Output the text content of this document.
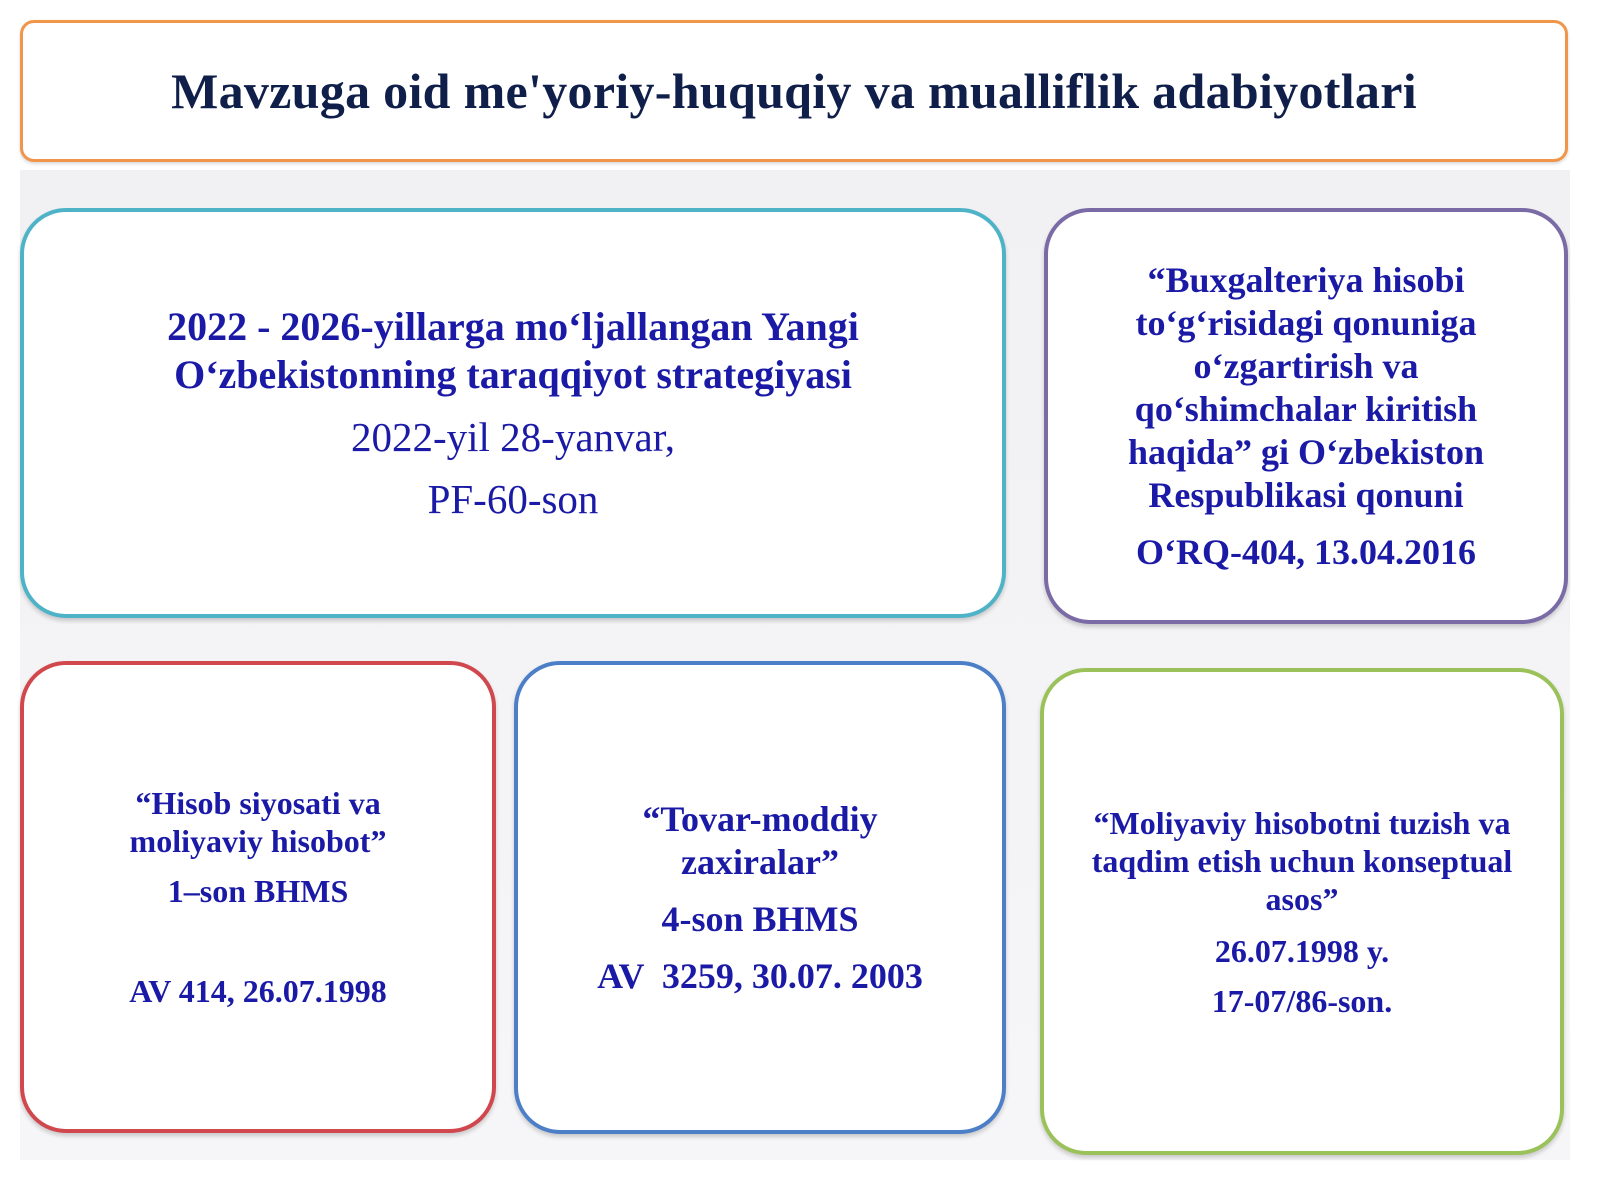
Mavzuga oid me'yoriy-huquqiy va mualliflik adabiyotlari

2022 - 2026-yillarga mo‘ljallangan Yangi O‘zbekistonning taraqqiyot strategiyasi

2022-yil 28-yanvar,

PF-60-son

“Buxgalteriya hisobi to‘g‘risidagi qonuniga o‘zgartirish va qo‘shimchalar kiritish haqida” gi O‘zbekiston Respublikasi qonuni

O‘RQ-404, 13.04.2016

“Hisob siyosati va moliyaviy hisobot”

1–son BHMS

AV 414, 26.07.1998

“Tovar-moddiy zaxiralar”

4-son BHMS

AV  3259, 30.07. 2003

“Moliyaviy hisobotni tuzish va taqdim etish uchun konseptual asos”

26.07.1998 y.

17-07/86-son.
